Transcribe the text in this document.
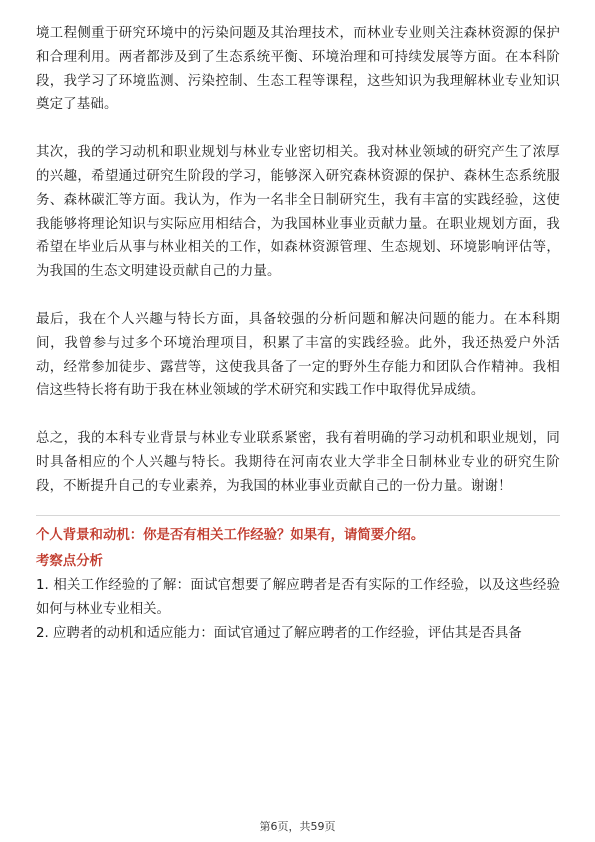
境工程侧重于研究环境中的污染问题及其治理技术，而林业专业则关注森林资源的保护和合理利用。两者都涉及到了生态系统平衡、环境治理和可持续发展等方面。在本科阶段，我学习了环境监测、污染控制、生态工程等课程，这些知识为我理解林业专业知识奠定了基础。

其次，我的学习动机和职业规划与林业专业密切相关。我对林业领域的研究产生了浓厚的兴趣，希望通过研究生阶段的学习，能够深入研究森林资源的保护、森林生态系统服务、森林碳汇等方面。我认为，作为一名非全日制研究生，我有丰富的实践经验，这使我能够将理论知识与实际应用相结合，为我国林业事业贡献力量。在职业规划方面，我希望在毕业后从事与林业相关的工作，如森林资源管理、生态规划、环境影响评估等，为我国的生态文明建设贡献自己的力量。

最后，我在个人兴趣与特长方面，具备较强的分析问题和解决问题的能力。在本科期间，我曾参与过多个环境治理项目，积累了丰富的实践经验。此外，我还热爱户外活动，经常参加徒步、露营等，这使我具备了一定的野外生存能力和团队合作精神。我相信这些特长将有助于我在林业领域的学术研究和实践工作中取得优异成绩。

总之，我的本科专业背景与林业专业联系紧密，我有着明确的学习动机和职业规划，同时具备相应的个人兴趣与特长。我期待在河南农业大学非全日制林业专业的研究生阶段，不断提升自己的专业素养，为我国的林业事业贡献自己的一份力量。谢谢！

个人背景和动机：你是否有相关工作经验？如果有，请简要介绍。
考察点分析
1. 相关工作经验的了解：面试官想要了解应聘者是否有实际的工作经验，以及这些经验如何与林业专业相关。
2. 应聘者的动机和适应能力：面试官通过了解应聘者的工作经验，评估其是否具备
第6页，共59页
